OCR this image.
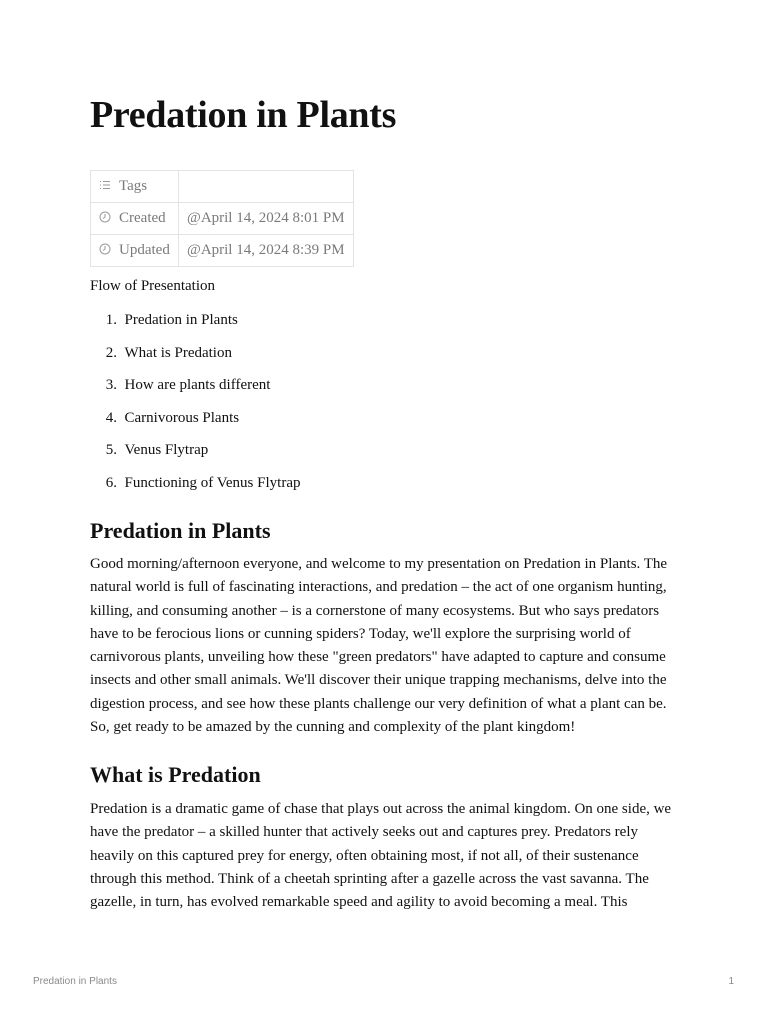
Predation in Plants
Tags	
Created	@April 14, 2024 8:01 PM
Updated	@April 14, 2024 8:39 PM
Flow of Presentation
1. Predation in Plants
2. What is Predation
3. How are plants different
4. Carnivorous Plants
5. Venus Flytrap
6. Functioning of Venus Flytrap
Predation in Plants

Good morning/afternoon everyone, and welcome to my presentation on Predation in Plants. The natural world is full of fascinating interactions, and predation – the act of one organism hunting, killing, and consuming another – is a cornerstone of many ecosystems. But who says predators have to be ferocious lions or cunning spiders? Today, we'll explore the surprising world of carnivorous plants, unveiling how these "green predators" have adapted to capture and consume insects and other small animals. We'll discover their unique trapping mechanisms, delve into the digestion process, and see how these plants challenge our very definition of what a plant can be. So, get ready to be amazed by the cunning and complexity of the plant kingdom!

What is Predation

Predation is a dramatic game of chase that plays out across the animal kingdom. On one side, we have the predator – a skilled hunter that actively seeks out and captures prey. Predators rely heavily on this captured prey for energy, often obtaining most, if not all, of their sustenance through this method. Think of a cheetah sprinting after a gazelle across the vast savanna. The gazelle, in turn, has evolved remarkable speed and agility to avoid becoming a meal. This

Predation in Plants	1
